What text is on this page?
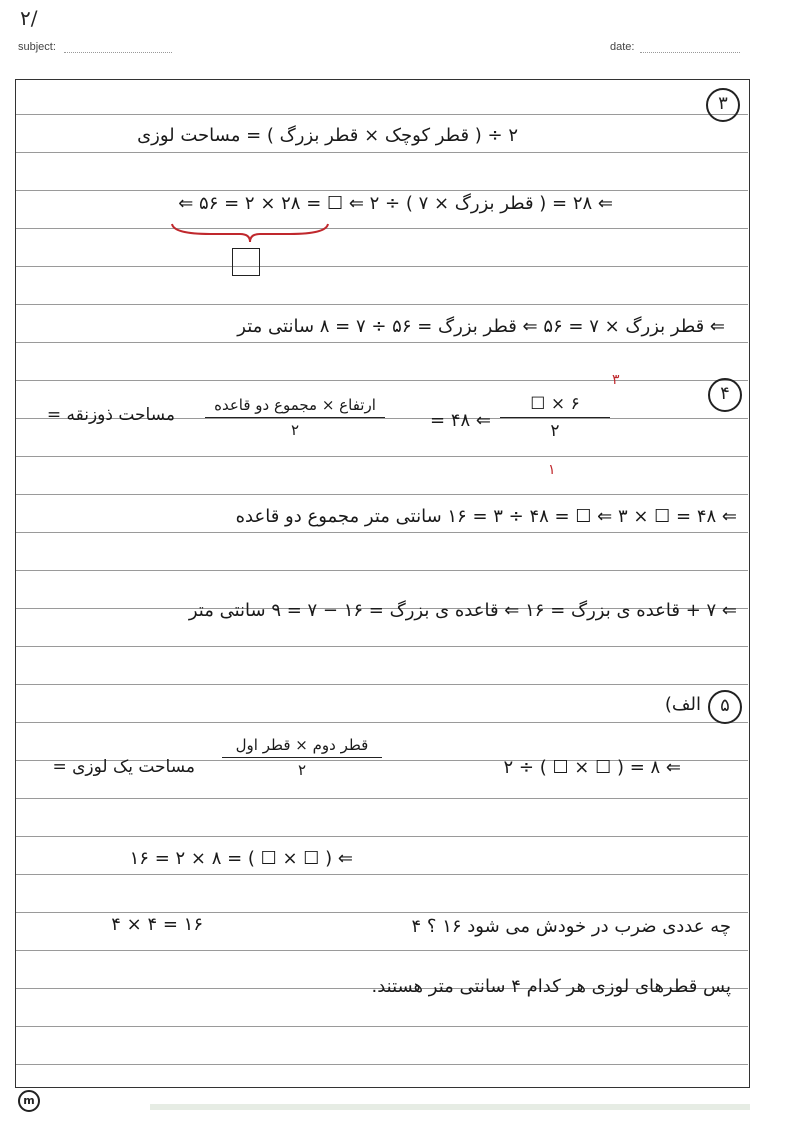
۲/
subject:	date:
۳
۲ ÷ ( قطر کوچک × قطر بزرگ ) = مساحت لوزی
⇐ ۲۸ = ( قطر بزرگ × ۷ ) ÷ ۲ ⇐ ☐ = ۲۸ × ۲ = ۵۶ ⇐
⇐ قطر بزرگ × ۷ = ۵۶ ⇐ قطر بزرگ = ۵۶ ÷ ۷ = ۸ سانتی متر
۴
مساحت ذوزنقه =	ارتفاع × مجموع دو قاعده
۲	⇐ ۴۸ =
☐ × ۶
۲
۳
۱
⇐ ۴۸ = ☐ × ۳ ⇐ ☐ = ۴۸ ÷ ۳ = ۱۶ سانتی متر مجموع دو قاعده
⇐ ۷ + قاعده ی بزرگ = ۱۶ ⇐ قاعده ی بزرگ = ۱۶ − ۷ = ۹ سانتی متر
۵
الف)
مساحت یک لوزی =
قطر دوم × قطر اول
۲	⇐ ۸ = ( ☐ × ☐ ) ÷ ۲
⇐ ( ☐ × ☐ ) = ۸ × ۲ = ۱۶
۴ × ۴ = ۱۶	چه عددی ضرب در خودش می شود ۱۶ ؟ ۴
پس قطرهای لوزی هر کدام ۴ سانتی متر هستند.
m
